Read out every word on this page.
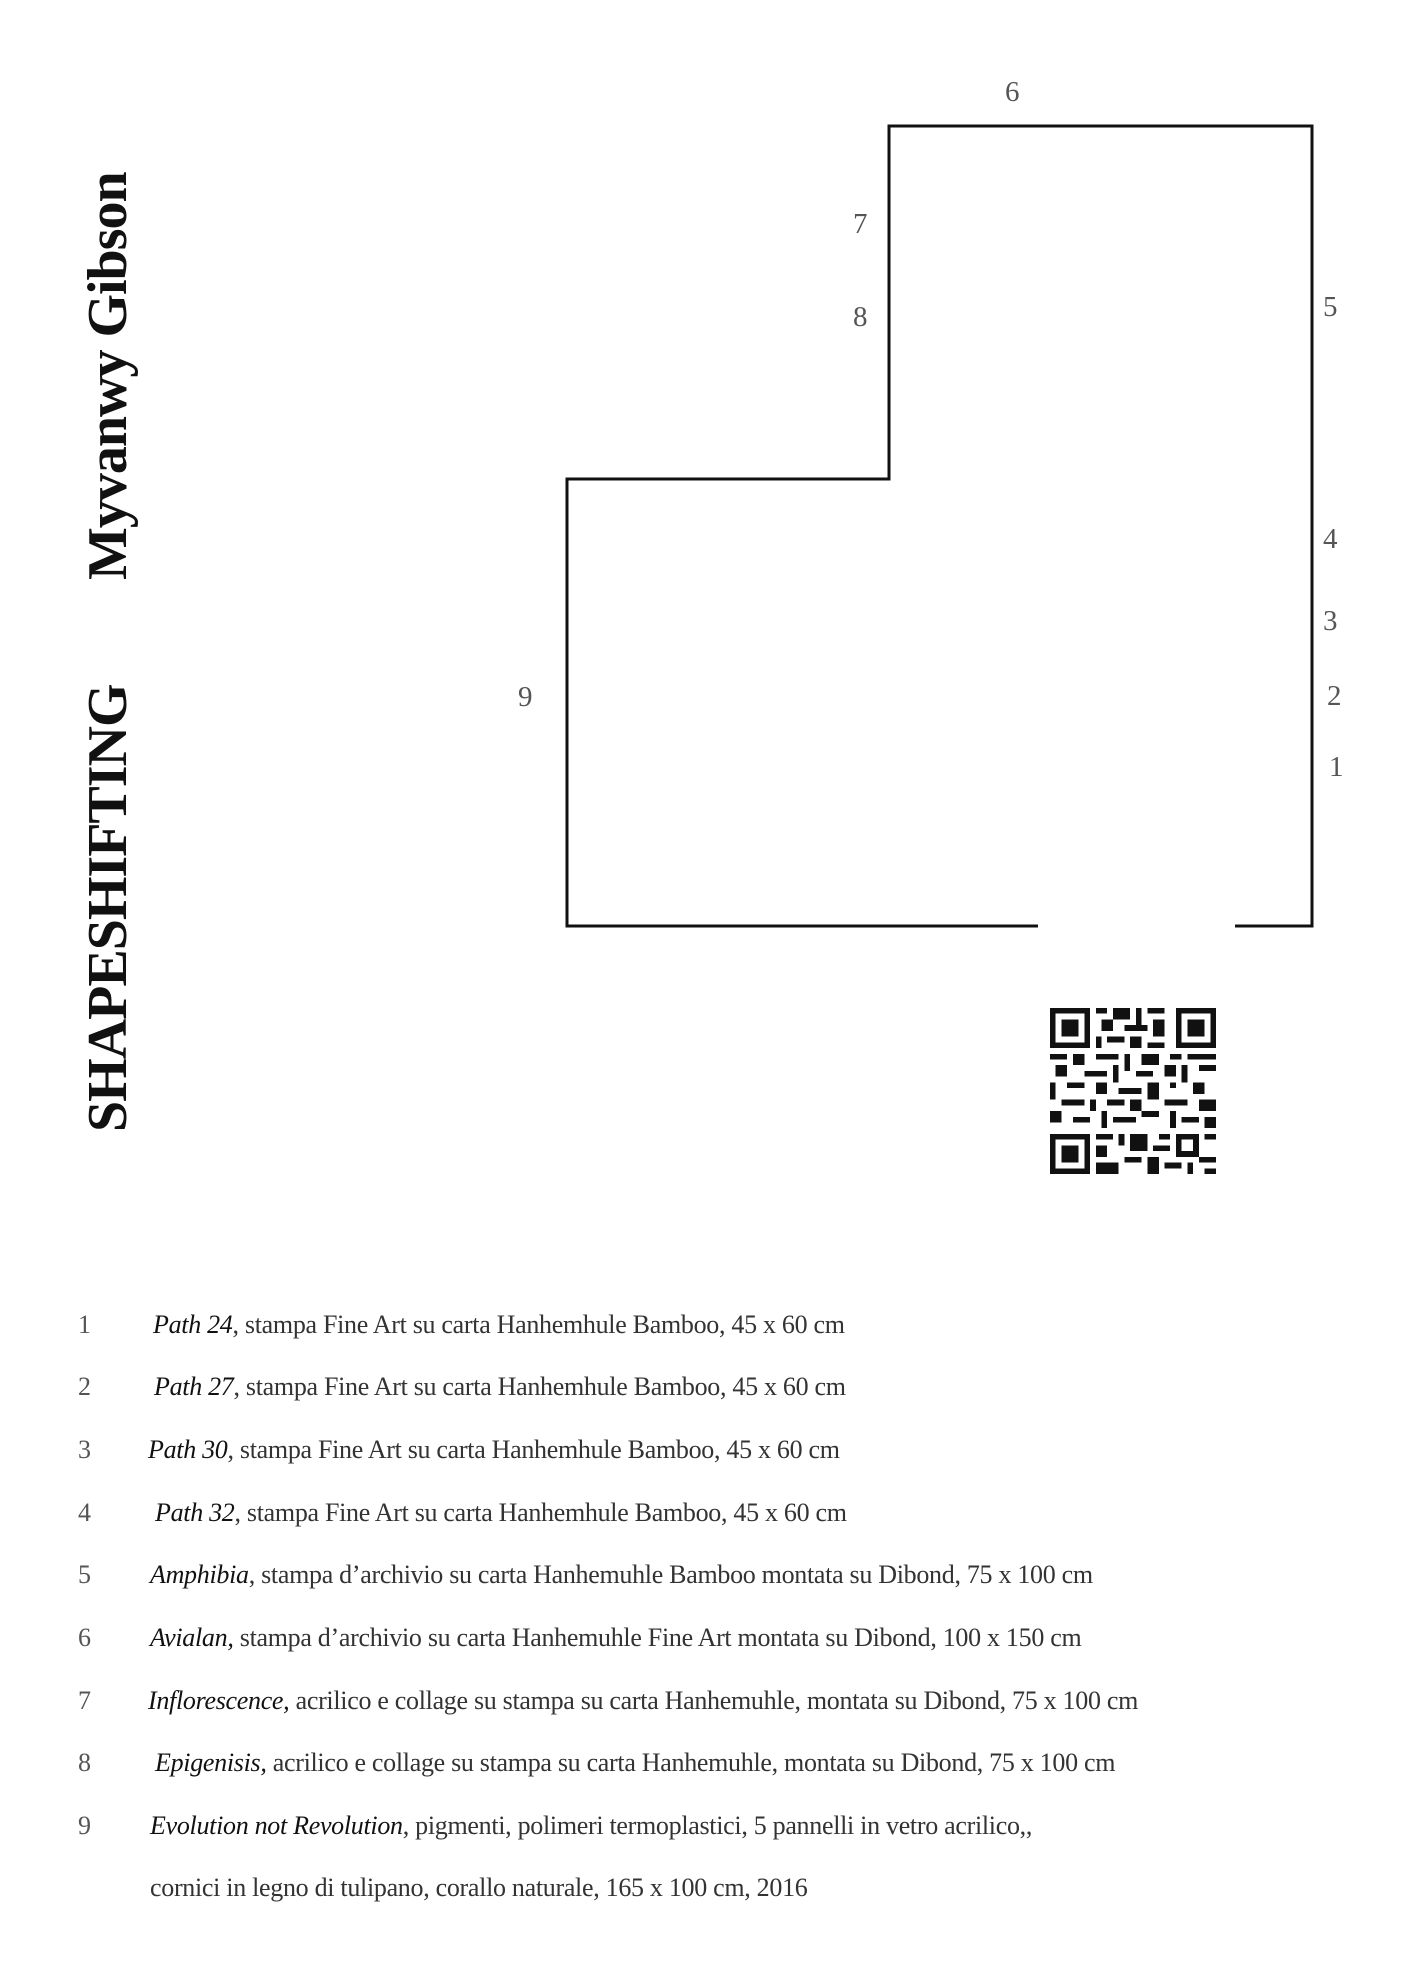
SHAPESHIFTING
Myvanwy Gibson
6
7
8	5
4
3
2
1
9
1	Path 24, stampa Fine Art su carta Hanhemhule Bamboo, 45 x 60 cm
2	Path 27, stampa Fine Art su carta Hanhemhule Bamboo, 45 x 60 cm
3	Path 30, stampa Fine Art su carta Hanhemhule Bamboo, 45 x 60 cm
4	Path 32, stampa Fine Art su carta Hanhemhule Bamboo, 45 x 60 cm
5	Amphibia, stampa d’archivio su carta Hanhemuhle Bamboo montata su Dibond, 75 x 100 cm
6	Avialan, stampa d’archivio su carta Hanhemuhle Fine Art montata su Dibond, 100 x 150 cm
7	Inflorescence, acrilico e collage su stampa su carta Hanhemuhle, montata su Dibond, 75 x 100 cm
8	Epigenisis, acrilico e collage su stampa su carta Hanhemuhle, montata su Dibond, 75 x 100 cm
9	Evolution not Revolution, pigmenti, polimeri termoplastici, 5 pannelli in vetro acrilico,,
cornici in legno di tulipano, corallo naturale, 165 x 100 cm, 2016
